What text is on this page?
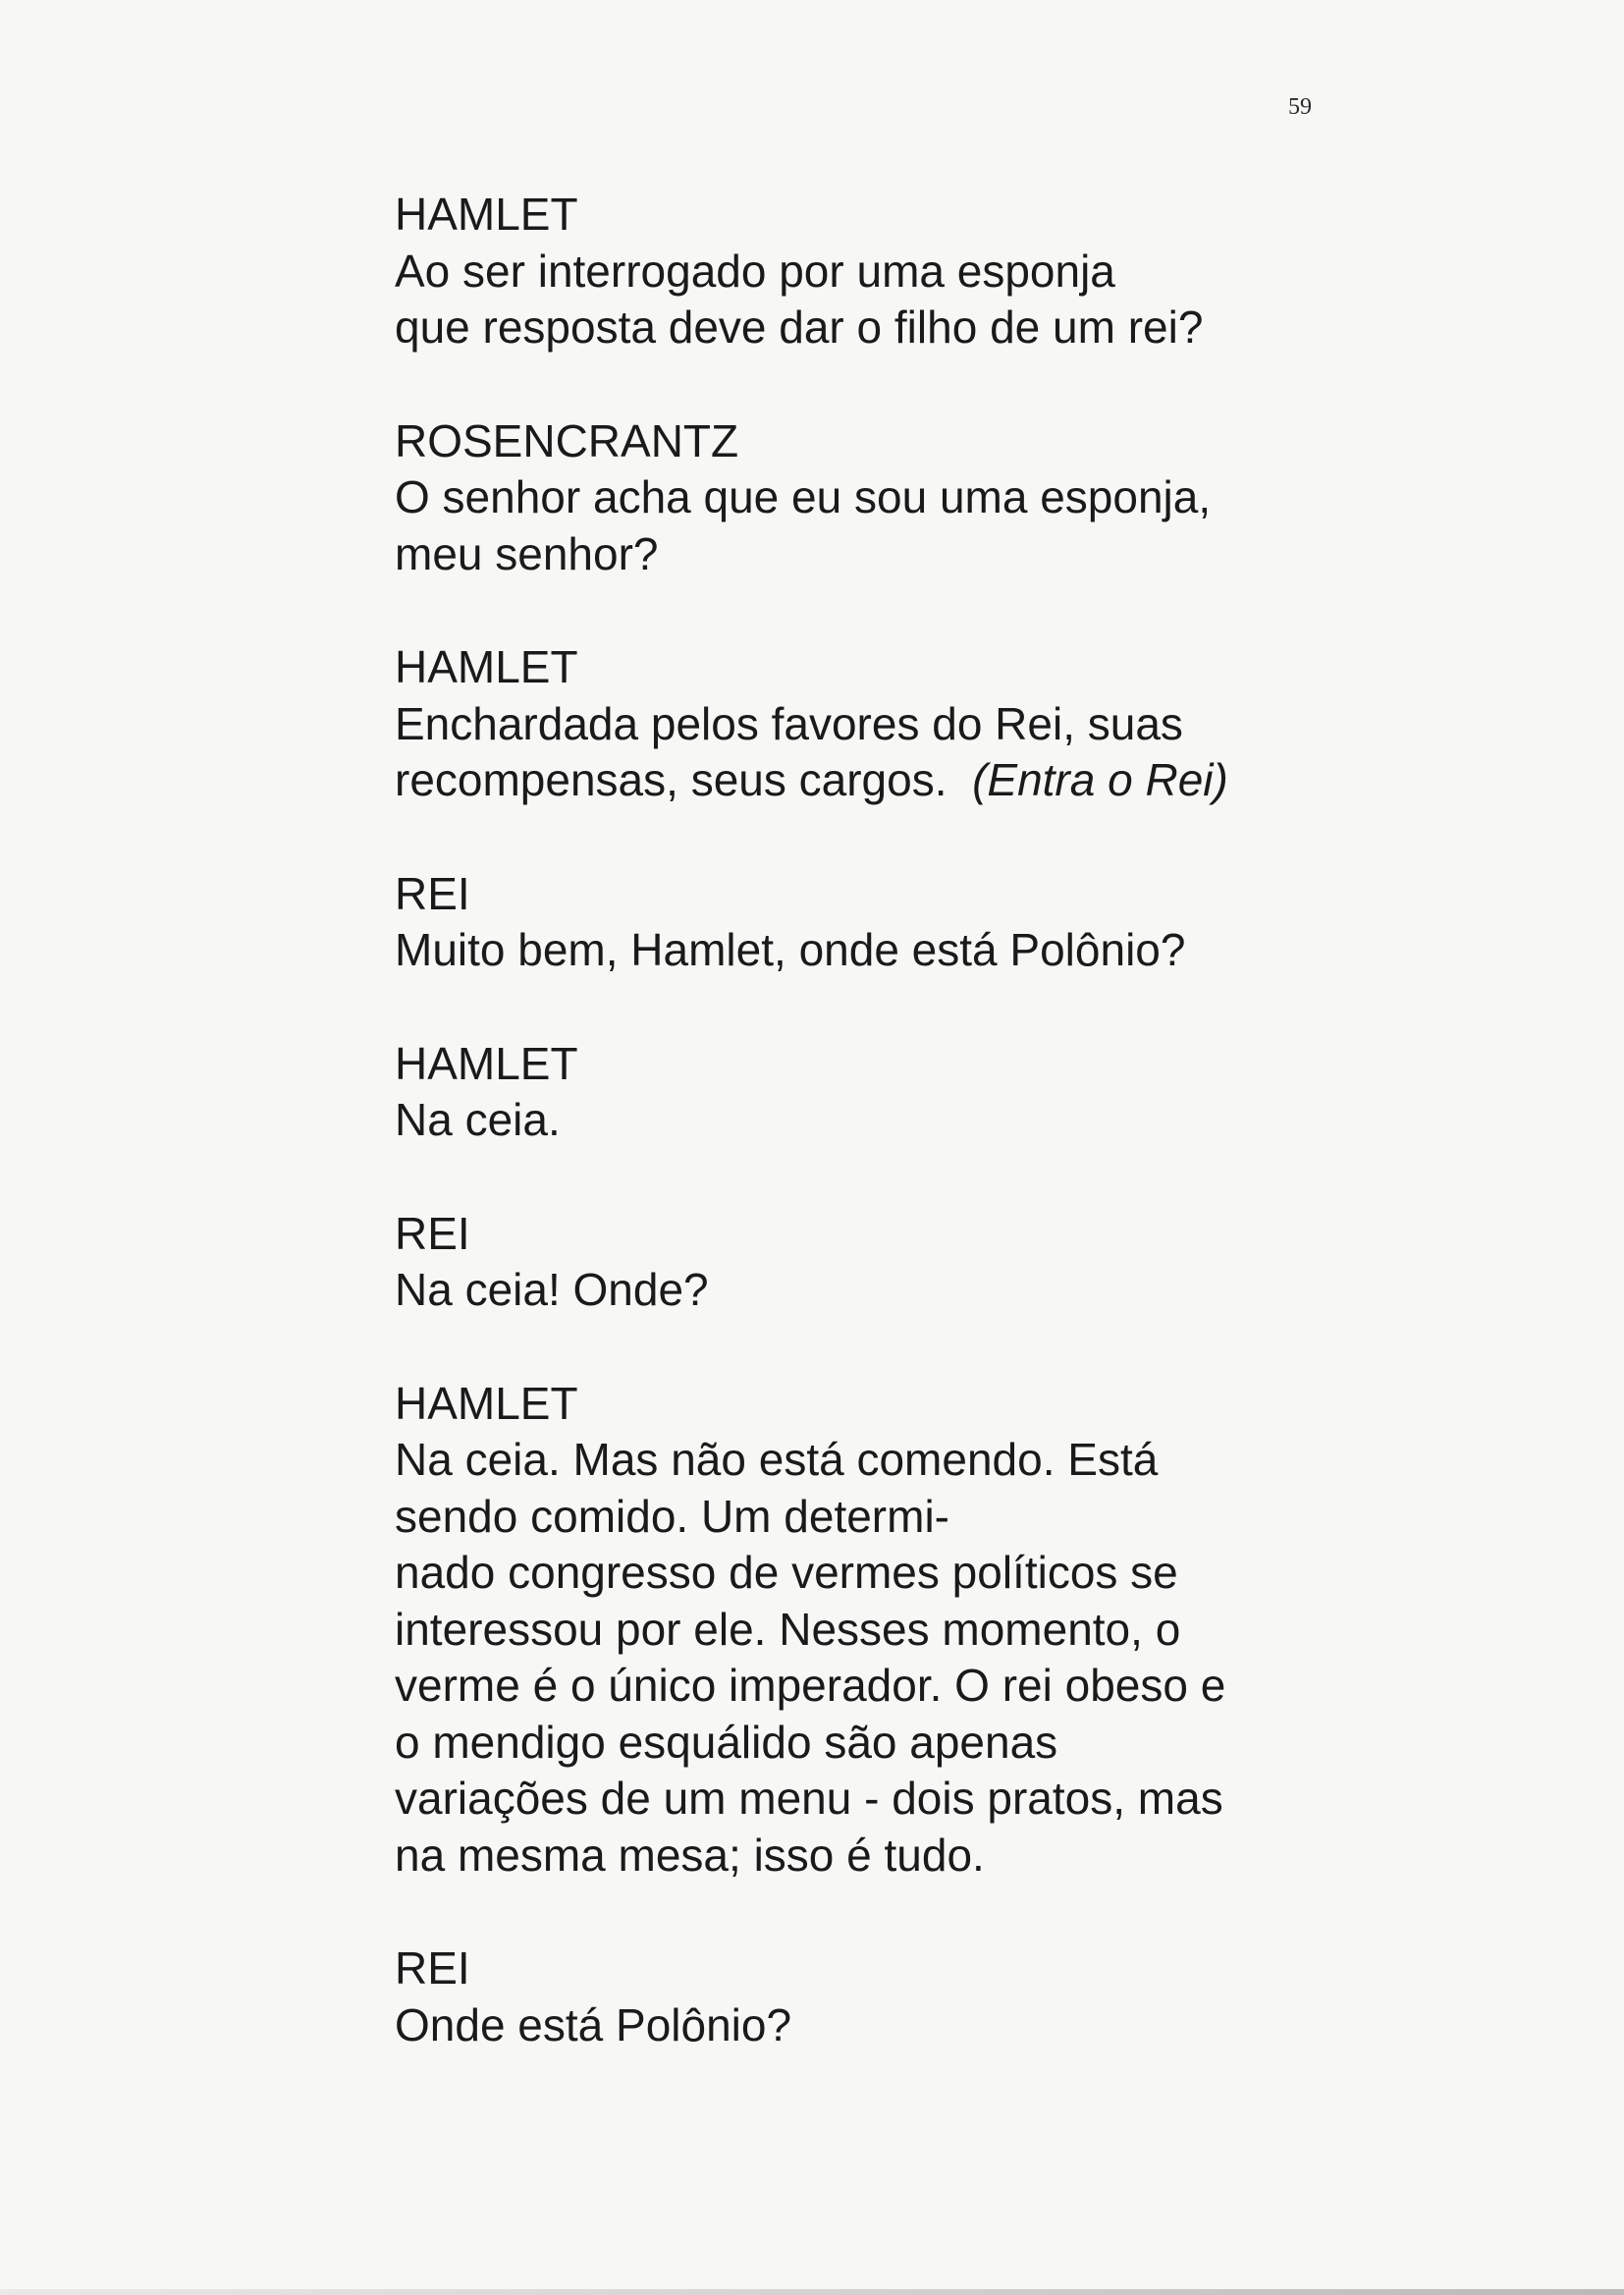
59

HAMLET

Ao ser interrogado por uma esponja

que resposta deve dar o filho de um rei?

ROSENCRANTZ

O senhor acha que eu sou uma esponja,

meu senhor?

HAMLET

Enchardada pelos favores do Rei, suas

recompensas, seus cargos. (Entra o Rei)

REI

Muito bem, Hamlet, onde está Polônio?

HAMLET

Na ceia.

REI

Na ceia! Onde?

HAMLET

Na ceia. Mas não está comendo. Está

sendo comido. Um determi-

nado congresso de vermes políticos se

interessou por ele. Nesses momento, o

verme é o único imperador. O rei obeso e

o mendigo esquálido são apenas

variações de um menu - dois pratos, mas

na mesma mesa; isso é tudo.

REI

Onde está Polônio?
